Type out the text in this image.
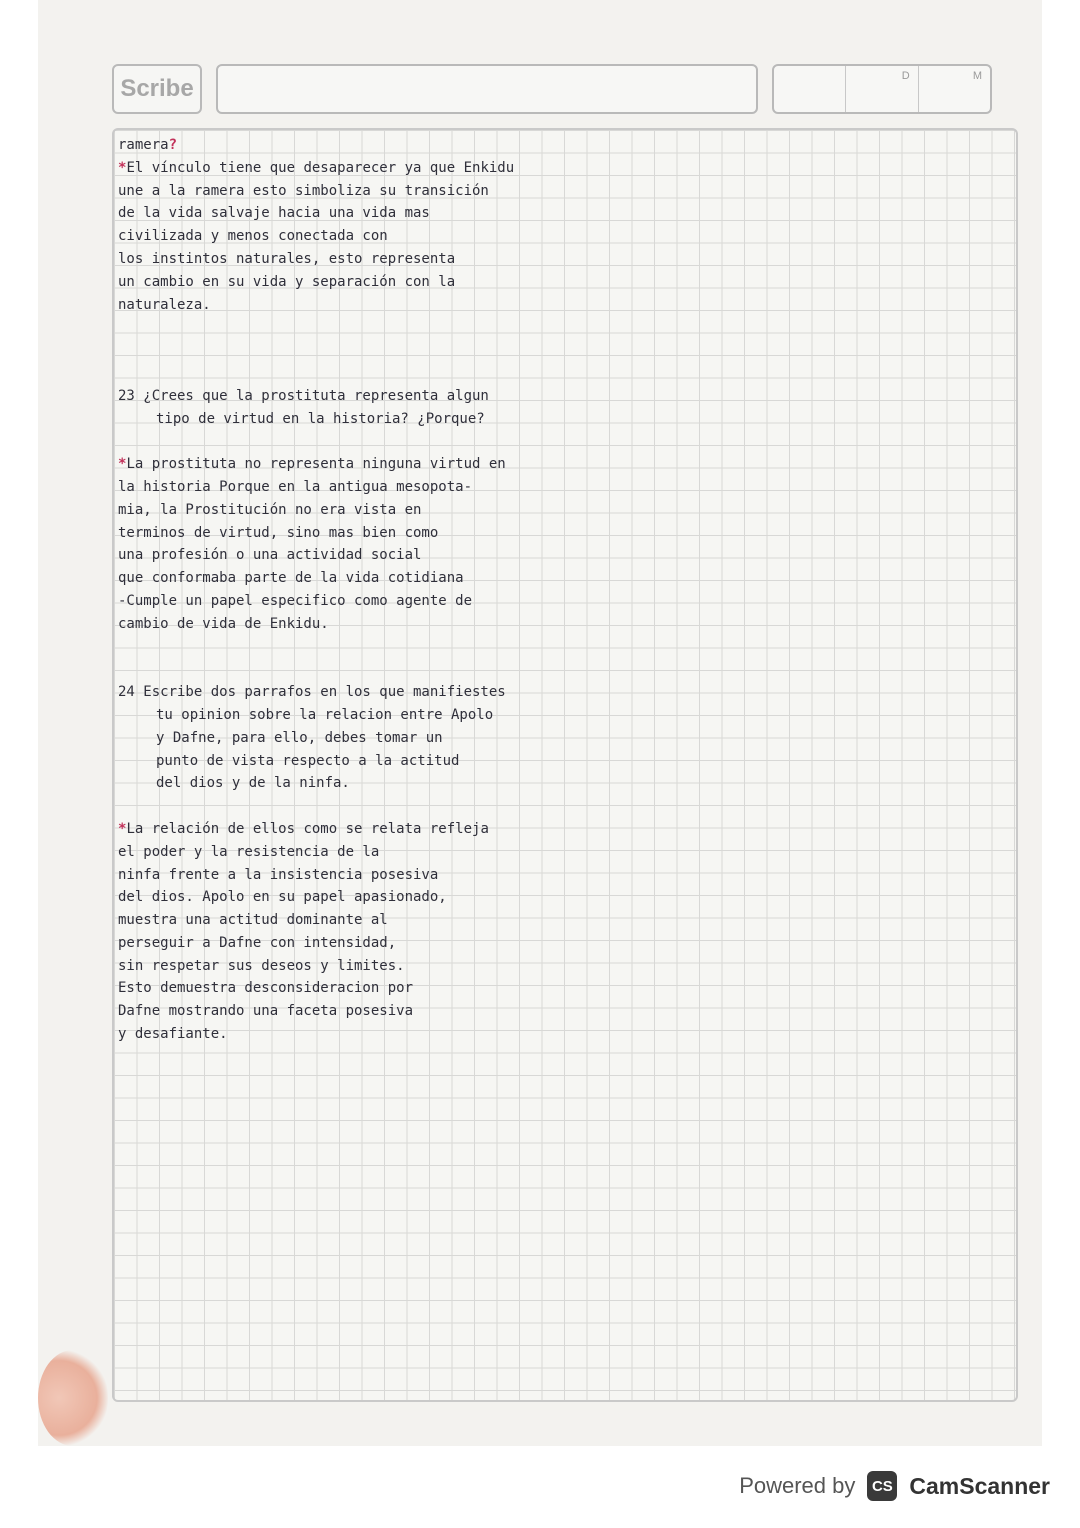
Scribe	D	M
ramera?
*El vínculo tiene que desaparecer ya que Enkidu
une a la ramera esto simboliza su transición
de la vida salvaje hacia una vida mas
civilizada y menos conectada con
los instintos naturales, esto representa
un cambio en su vida y separación con la
naturaleza.
23 ¿Crees que la prostituta representa algun
tipo de virtud en la historia? ¿Porque?
*La prostituta no representa ninguna virtud en
la historia Porque en la antigua mesopota-
mia, la Prostitución no era vista en
terminos de virtud, sino mas bien como
una profesión o una actividad social
que conformaba parte de la vida cotidiana
-Cumple un papel especifico como agente de
cambio de vida de Enkidu.
24 Escribe dos parrafos en los que manifiestes
tu opinion sobre la relacion entre Apolo
y Dafne, para ello, debes tomar un
punto de vista respecto a la actitud
del dios y de la ninfa.
*La relación de ellos como se relata refleja
el poder y la resistencia de la
ninfa frente a la insistencia posesiva
del dios. Apolo en su papel apasionado,
muestra una actitud dominante al
perseguir a Dafne con intensidad,
sin respetar sus deseos y limites.
Esto demuestra desconsideracion por
Dafne mostrando una faceta posesiva
y desafiante.
Powered by	CS CamScanner
